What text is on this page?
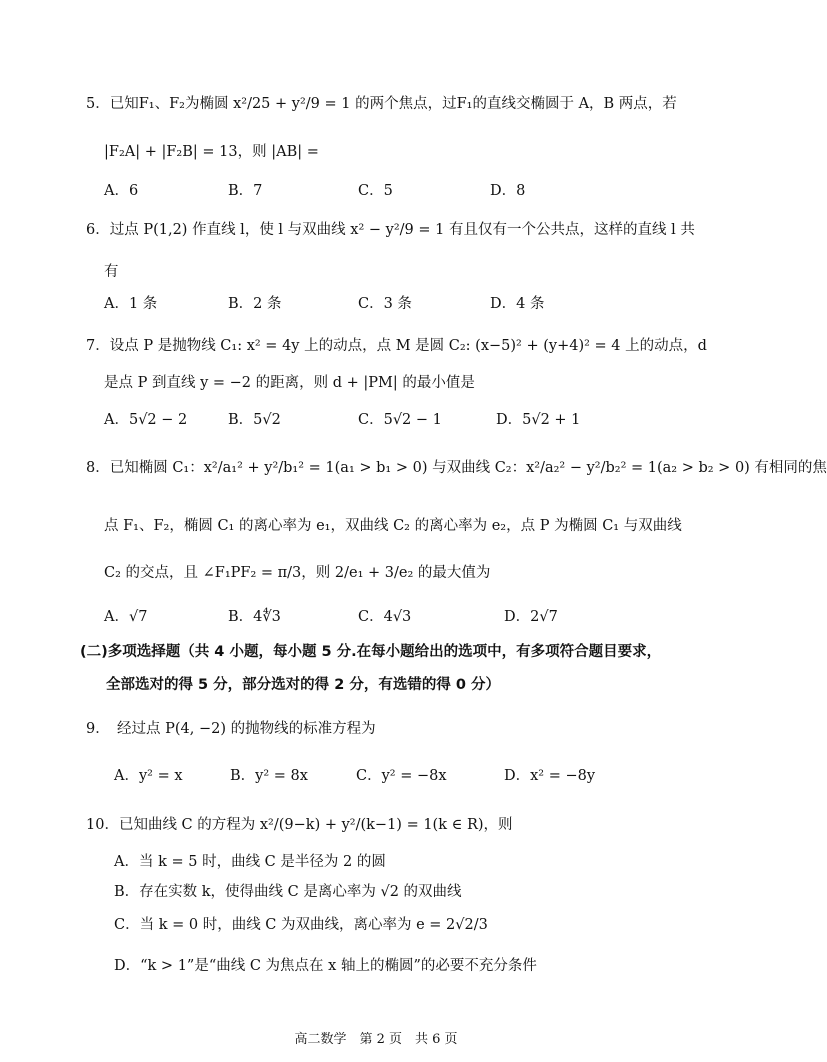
5．已知F₁、F₂为椭圆 x²/25 + y²/9 = 1 的两个焦点，过F₁的直线交椭圆于 A，B 两点，若
|F₂A| + |F₂B| = 13，则 |AB| =
A．6	B．7	C．5	D．8
6．过点 P(1,2) 作直线 l，使 l 与双曲线 x² − y²/9 = 1 有且仅有一个公共点，这样的直线 l 共
有
A．1 条	B．2 条	C．3 条	D．4 条
7．设点 P 是抛物线 C₁: x² = 4y 上的动点，点 M 是圆 C₂: (x−5)² + (y+4)² = 4 上的动点，d
是点 P 到直线 y = −2 的距离，则 d + |PM| 的最小值是
A．5√2 − 2	B．5√2	C．5√2 − 1	D．5√2 + 1
8．已知椭圆 C₁：x²/a₁² + y²/b₁² = 1(a₁ > b₁ > 0) 与双曲线 C₂：x²/a₂² − y²/b₂² = 1(a₂ > b₂ > 0) 有相同的焦
点 F₁、F₂，椭圆 C₁ 的离心率为 e₁，双曲线 C₂ 的离心率为 e₂，点 P 为椭圆 C₁ 与双曲线
C₂ 的交点，且 ∠F₁PF₂ = π/3，则 2/e₁ + 3/e₂ 的最大值为
A．√7	B．4∜3	C．4√3	D．2√7
(二)多项选择题（共 4 小题，每小题 5 分.在每小题给出的选项中，有多项符合题目要求，
全部选对的得 5 分，部分选对的得 2 分，有选错的得 0 分）
9．　经过点 P(4, −2) 的抛物线的标准方程为
A．y² = x	B．y² = 8x	C．y² = −8x	D．x² = −8y
10．已知曲线 C 的方程为 x²/(9−k) + y²/(k−1) = 1(k ∈ R)，则
A．当 k = 5 时，曲线 C 是半径为 2 的圆
B．存在实数 k，使得曲线 C 是离心率为 √2 的双曲线
C．当 k = 0 时，曲线 C 为双曲线，离心率为 e = 2√2/3
D．“k > 1”是“曲线 C 为焦点在 x 轴上的椭圆”的必要不充分条件
高二数学　第 2 页　共 6 页
